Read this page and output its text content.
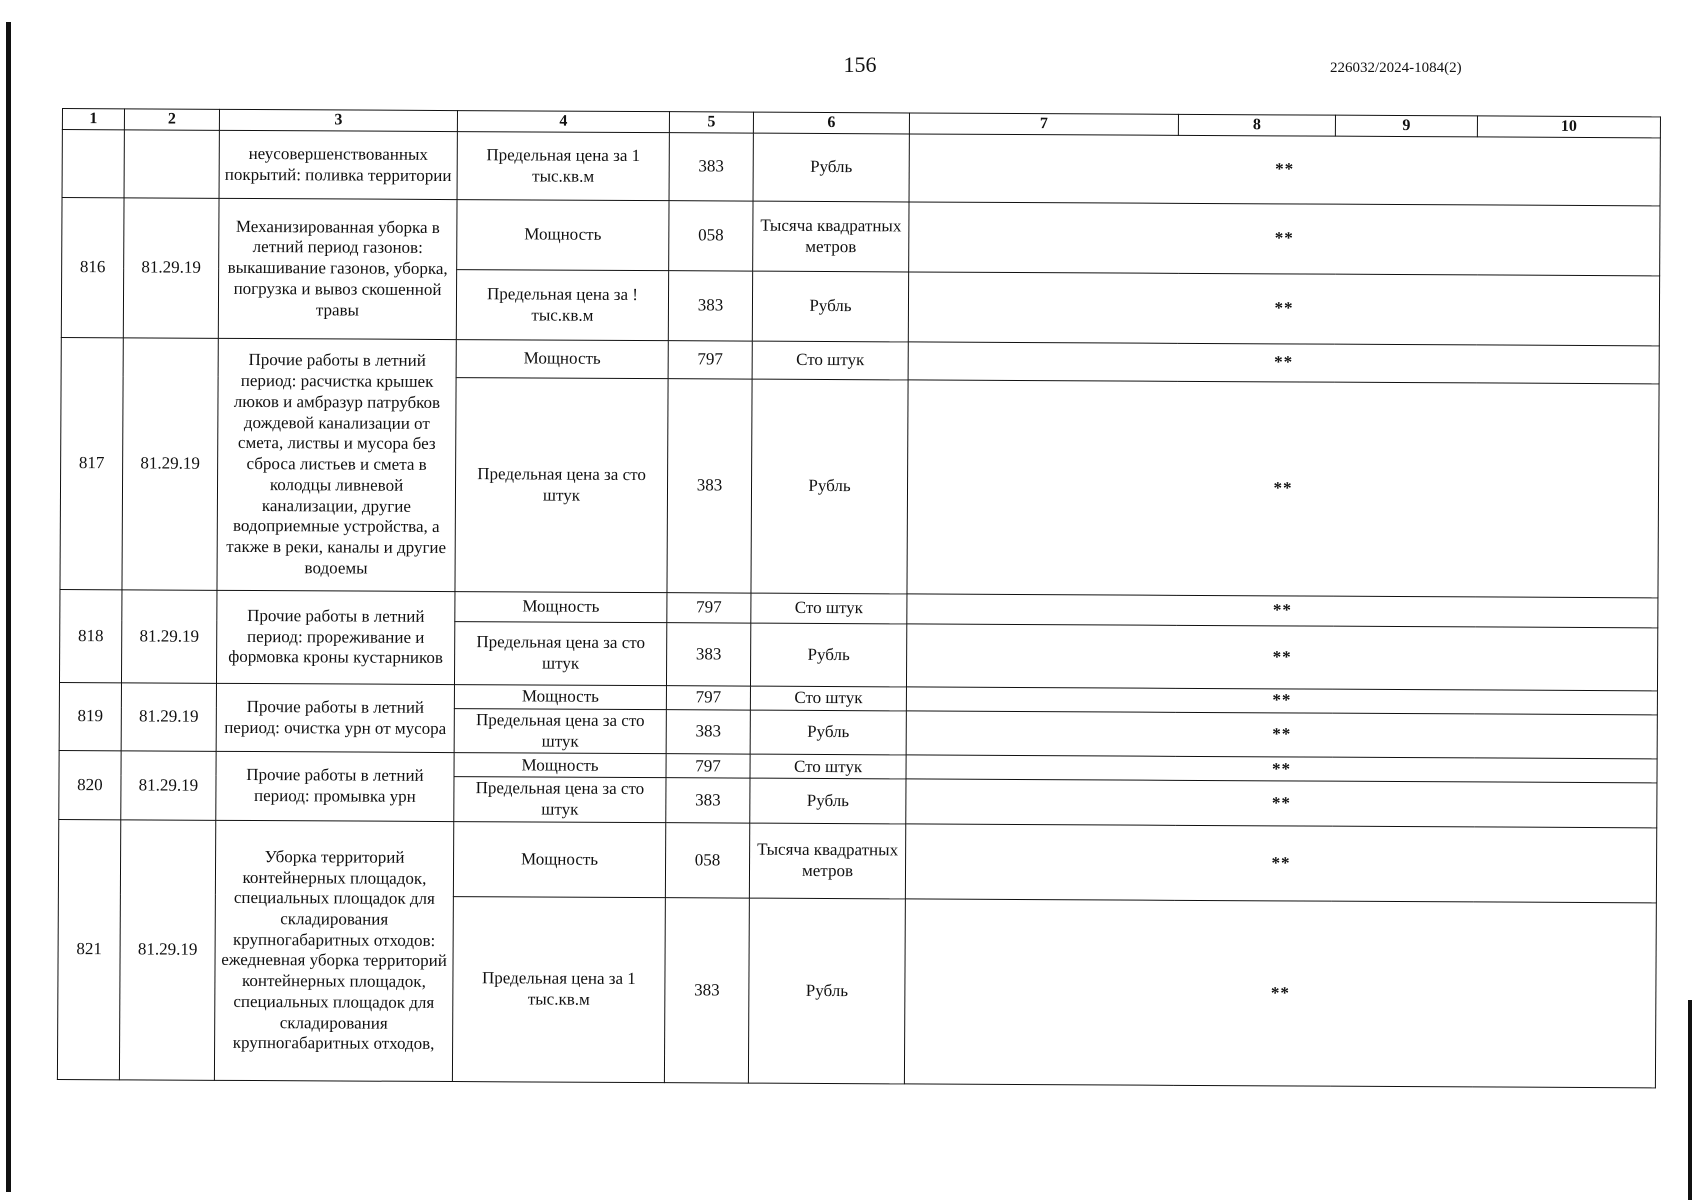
156	226032/2024-1084(2)
1	2	3	4	5	6	7	8	9	10
		неусовершенствованных покрытий: поливка территории	Предельная цена за 1 тыс.кв.м	383	Рубль	**			
816	81.29.19	Механизированная уборка в летний период газонов: выкашивание газонов, уборка, погрузка и вывоз скошенной травы	Мощность	058	Тысяча квадратных метров	**			
			Предельная цена за ! тыс.кв.м	383	Рубль	**			
817	81.29.19	Прочие работы в летний период: расчистка крышек люков и амбразур патрубков дождевой канализации от смета, листвы и мусора без сброса листьев и смета в колодцы ливневой канализации, другие водоприемные устройства, а также в реки, каналы и другие водоемы	Мощность	797	Сто штук	**			
			Предельная цена за сто штук	383	Рубль	**			
818	81.29.19	Прочие работы в летний период: прореживание и формовка кроны кустарников	Мощность	797	Сто штук	**			
			Предельная цена за сто штук	383	Рубль	**			
819	81.29.19	Прочие работы в летний период: очистка урн от мусора	Мощность	797	Сто штук	**			
			Предельная цена за сто штук	383	Рубль	**			
820	81.29.19	Прочие работы в летний период: промывка урн	Мощность	797	Сто штук	**			
			Предельная цена за сто штук	383	Рубль	**			
821	81.29.19	Уборка территорий контейнерных площадок, специальных площадок для складирования крупногабаритных отходов: ежедневная уборка территорий контейнерных площадок, специальных площадок для складирования крупногабаритных отходов,	Мощность	058	Тысяча квадратных метров	**			
			Предельная цена за 1 тыс.кв.м	383	Рубль	**			
